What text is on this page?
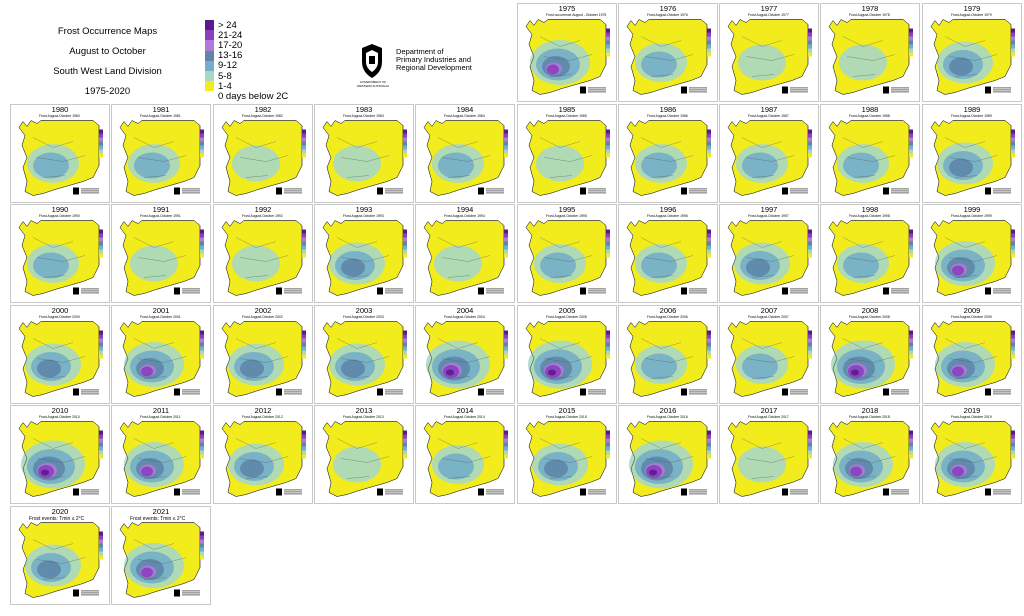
Frost Occurrence Maps
August to October
South West Land Division
1975-2020
> 24
21-24
17-20
13-16
9-12
5-8
1-4
0 days below 2C
GOVERNMENT OF WESTERN AUSTRALIA
Department of
Primary Industries and
Regional Development
1975
Frost occurrence August - October 1975
1976
Frost August-October 1976
1977
Frost August-October 1977
1978
Frost August-October 1978
1979
Frost August-October 1979
1980
Frost August-October 1980
1981
Frost August-October 1981
1982
Frost August-October 1982
1983
Frost August-October 1983
1984
Frost August-October 1984
1985
Frost August-October 1985
1986
Frost August-October 1986
1987
Frost August-October 1987
1988
Frost August-October 1988
1989
Frost August-October 1989
1990
Frost August-October 1990
1991
Frost August-October 1991
1992
Frost August-October 1992
1993
Frost August-October 1993
1994
Frost August-October 1994
1995
Frost August-October 1995
1996
Frost August-October 1996
1997
Frost August-October 1997
1998
Frost August-October 1998
1999
Frost August-October 1999
2000
Frost August-October 2000
2001
Frost August-October 2001
2002
Frost August-October 2002
2003
Frost August-October 2003
2004
Frost August-October 2004
2005
Frost August-October 2005
2006
Frost August-October 2006
2007
Frost August-October 2007
2008
Frost August-October 2008
2009
Frost August-October 2009
2010
Frost August-October 2010
2011
Frost August-October 2011
2012
Frost August-October 2012
2013
Frost August-October 2013
2014
Frost August-October 2014
2015
Frost August-October 2015
2016
Frost August-October 2016
2017
Frost August-October 2017
2018
Frost August-October 2018
2019
Frost August-October 2019
2020
Frost events: Tmin ≤ 2°C
2021
Frost events: Tmin ≤ 2°C
